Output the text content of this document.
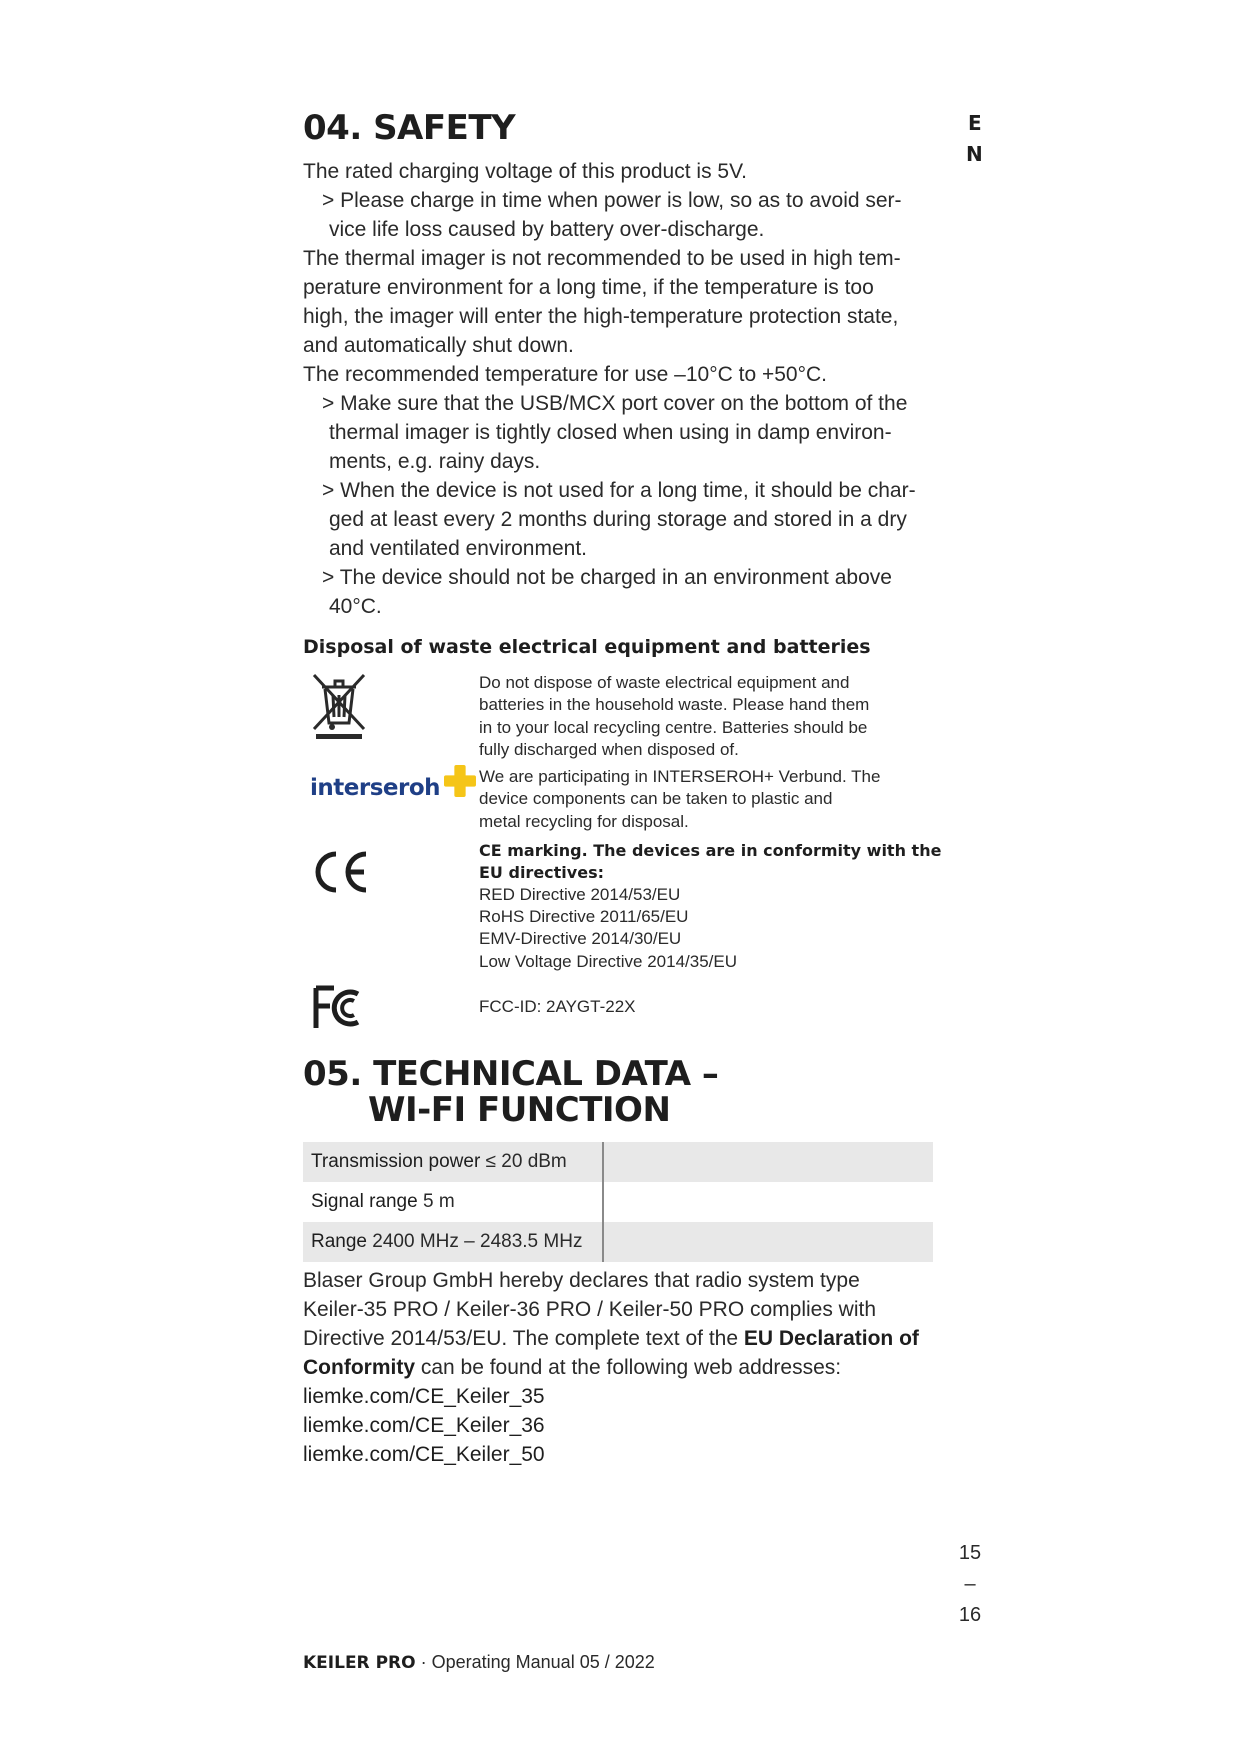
E
N
04. SAFETY
The rated charging voltage of this product is 5V.
> Please charge in time when power is low, so as to avoid ser-
vice life loss caused by battery over-discharge.
The thermal imager is not recommended to be used in high tem-
perature environment for a long time, if the temperature is too
high, the imager will enter the high-temperature protection state,
and automatically shut down.
The recommended temperature for use –10°C to +50°C.
> Make sure that the USB/MCX port cover on the bottom of the
thermal imager is tightly closed when using in damp environ-
ments, e.g. rainy days.
> When the device is not used for a long time, it should be char-
ged at least every 2 months during storage and stored in a dry
and ventilated environment.
> The device should not be charged in an environment above
40°C.
Disposal of waste electrical equipment and batteries
Do not dispose of waste electrical equipment and
batteries in the household waste. Please hand them
in to your local recycling centre. Batteries should be
fully discharged when disposed of.
interseroh We are participating in INTERSEROH+ Verbund. The
device components can be taken to plastic and
metal recycling for disposal.
CE marking. The devices are in conformity with the
EU directives:
RED Directive 2014/53/EU
RoHS Directive 2011/65/EU
EMV-Directive 2014/30/EU
Low Voltage Directive 2014/35/EU
FCC-ID: 2AYGT-22X
05. TECHNICAL DATA –
WI-FI FUNCTION
Transmission power ≤ 20 dBm	
Signal range 5 m	
Range 2400 MHz – 2483.5 MHz	
Blaser Group GmbH hereby declares that radio system type
Keiler-35 PRO / Keiler-36 PRO / Keiler-50 PRO complies with
Directive 2014/53/EU. The complete text of the EU Declaration of
Conformity can be found at the following web addresses:
liemke.com/CE_Keiler_35
liemke.com/CE_Keiler_36
liemke.com/CE_Keiler_50
15
–
16
KEILER PRO · Operating Manual 05 / 2022
